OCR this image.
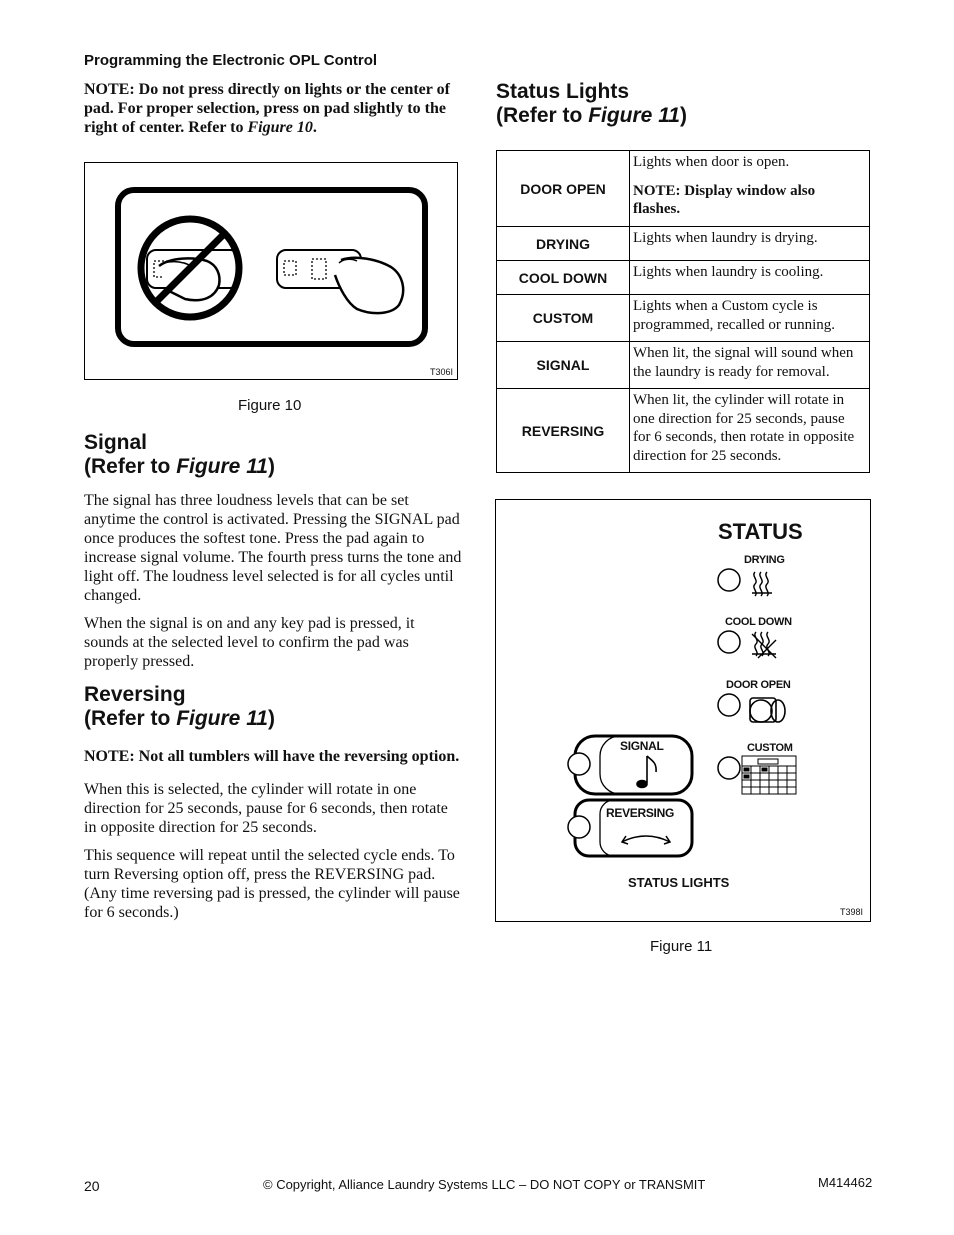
Programming the Electronic OPL Control
NOTE: Do not press directly on lights or the center of pad. For proper selection, press on pad slightly to the right of center. Refer to Figure 10.
T306I
Figure 10
Signal
(Refer to Figure 11)

The signal has three loudness levels that can be set anytime the control is activated. Pressing the SIGNAL pad once produces the softest tone. Press the pad again to increase signal volume. The fourth press turns the tone and light off. The loudness level selected is for all cycles until changed.

When the signal is on and any key pad is pressed, it sounds at the selected level to confirm the pad was properly pressed.

Reversing
(Refer to Figure 11)

NOTE: Not all tumblers will have the reversing option.

When this is selected, the cylinder will rotate in one direction for 25 seconds, pause for 6 seconds, then rotate in opposite direction for 25 seconds.

This sequence will repeat until the selected cycle ends. To turn Reversing option off, press the REVERSING pad. (Any time reversing pad is pressed, the cylinder will pause for 6 seconds.)

Status Lights
(Refer to Figure 11)
DOOR OPEN	Lights when door is open.
NOTE: Display window also flashes.

DRYING	Lights when laundry is drying.
COOL DOWN	Lights when laundry is cooling.
CUSTOM	Lights when a Custom cycle is programmed, recalled or running.
SIGNAL	When lit, the signal will sound when the laundry is ready for removal.
REVERSING	When lit, the cylinder will rotate in one direction for 25 seconds, pause for 6 seconds, then rotate in opposite direction for 25 seconds.
STATUS
DRYING
COOL DOWN
DOOR OPEN
CUSTOM
SIGNAL
REVERSING
STATUS LIGHTS
T398I
Figure 11
20	© Copyright, Alliance Laundry Systems LLC – DO NOT COPY or TRANSMIT	M414462
